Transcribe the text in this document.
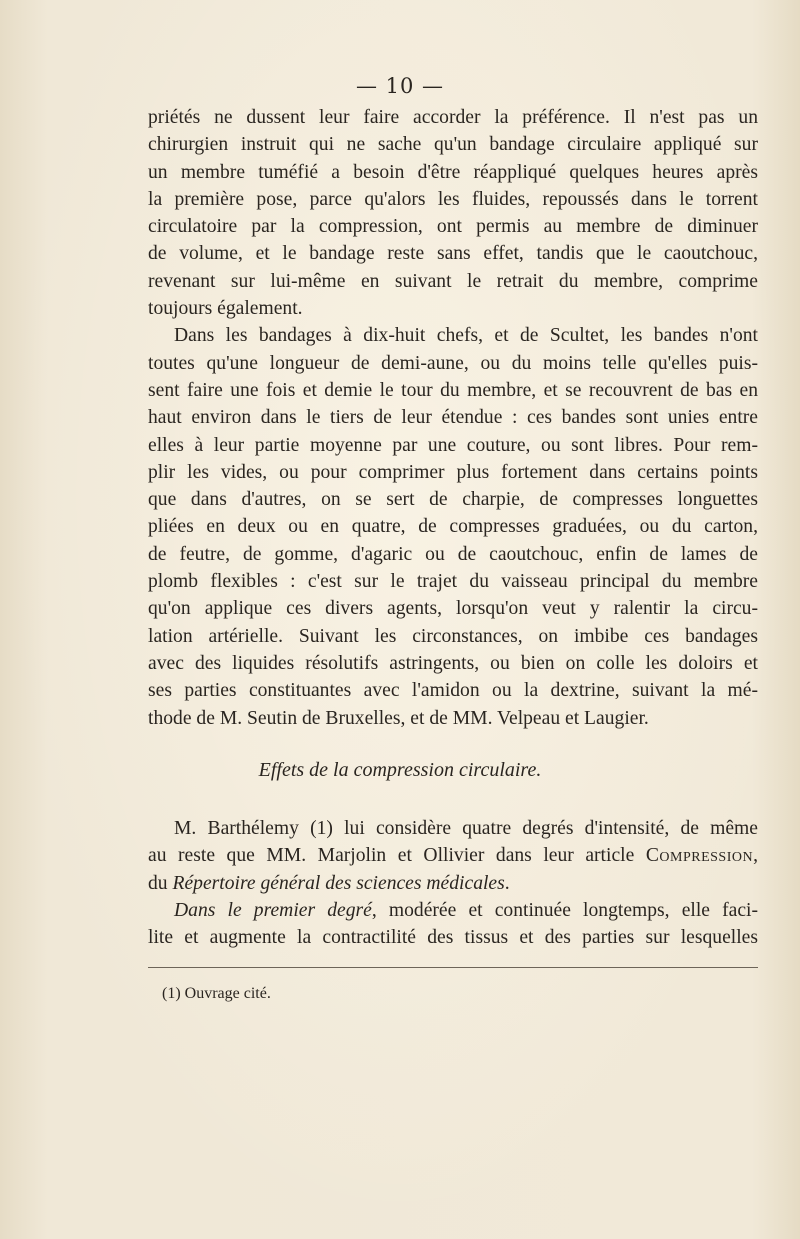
— 10 —
priétés ne dussent leur faire accorder la préférence. Il n'est pas un
chirurgien instruit qui ne sache qu'un bandage circulaire appliqué sur
un membre tuméfié a besoin d'être réappliqué quelques heures après
la première pose, parce qu'alors les fluides, repoussés dans le torrent
circulatoire par la compression, ont permis au membre de diminuer
de volume, et le bandage reste sans effet, tandis que le caoutchouc,
revenant sur lui-même en suivant le retrait du membre, comprime
toujours également.
Dans les bandages à dix-huit chefs, et de Scultet, les bandes n'ont
toutes qu'une longueur de demi-aune, ou du moins telle qu'elles puis-
sent faire une fois et demie le tour du membre, et se recouvrent de bas en
haut environ dans le tiers de leur étendue : ces bandes sont unies entre
elles à leur partie moyenne par une couture, ou sont libres. Pour rem-
plir les vides, ou pour comprimer plus fortement dans certains points
que dans d'autres, on se sert de charpie, de compresses longuettes
pliées en deux ou en quatre, de compresses graduées, ou du carton,
de feutre, de gomme, d'agaric ou de caoutchouc, enfin de lames de
plomb flexibles : c'est sur le trajet du vaisseau principal du membre
qu'on applique ces divers agents, lorsqu'on veut y ralentir la circu-
lation artérielle. Suivant les circonstances, on imbibe ces bandages
avec des liquides résolutifs astringents, ou bien on colle les doloirs et
ses parties constituantes avec l'amidon ou la dextrine, suivant la mé-
thode de M. Seutin de Bruxelles, et de MM. Velpeau et Laugier.
Effets de la compression circulaire.
M. Barthélemy (1) lui considère quatre degrés d'intensité, de même
au reste que MM. Marjolin et Ollivier dans leur article Compression,
du Répertoire général des sciences médicales.
Dans le premier degré, modérée et continuée longtemps, elle faci-
lite et augmente la contractilité des tissus et des parties sur lesquelles
(1) Ouvrage cité.
